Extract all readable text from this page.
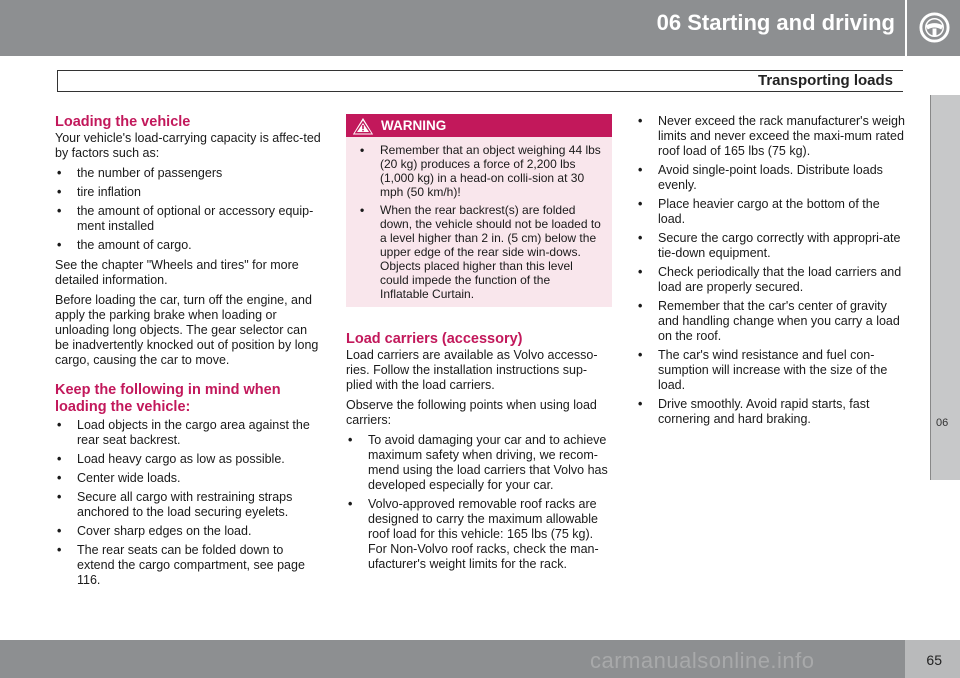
06 Starting and driving
Transporting loads
06
Loading the vehicle

Your vehicle's load-carrying capacity is affec-ted by factors such as:

• the number of passengers
• tire inflation
• the amount of optional or accessory equip-ment installed
• the amount of cargo.

See the chapter "Wheels and tires" for more detailed information.

Before loading the car, turn off the engine, and apply the parking brake when loading or unloading long objects. The gear selector can be inadvertently knocked out of position by long cargo, causing the car to move.

Keep the following in mind when loading the vehicle:
• Load objects in the cargo area against the rear seat backrest.
• Load heavy cargo as low as possible.
• Center wide loads.
• Secure all cargo with restraining straps anchored to the load securing eyelets.
• Cover sharp edges on the load.
• The rear seats can be folded down to extend the cargo compartment, see page 116.
WARNING
• Remember that an object weighing 44 lbs (20 kg) produces a force of 2,200 lbs (1,000 kg) in a head-on colli-sion at 30 mph (50 km/h)!
• When the rear backrest(s) are folded down, the vehicle should not be loaded to a level higher than 2 in. (5 cm) below the upper edge of the rear side win-dows. Objects placed higher than this level could impede the function of the Inflatable Curtain.
Load carriers (accessory)

Load carriers are available as Volvo accesso-ries. Follow the installation instructions sup-plied with the load carriers.

Observe the following points when using load carriers:

• To avoid damaging your car and to achieve maximum safety when driving, we recom-mend using the load carriers that Volvo has developed especially for your car.
• Volvo-approved removable roof racks are designed to carry the maximum allowable roof load for this vehicle: 165 lbs (75 kg). For Non-Volvo roof racks, check the man-ufacturer's weight limits for the rack.
• Never exceed the rack manufacturer's weigh limits and never exceed the maxi-mum rated roof load of 165 lbs (75 kg).
• Avoid single-point loads. Distribute loads evenly.
• Place heavier cargo at the bottom of the load.
• Secure the cargo correctly with appropri-ate tie-down equipment.
• Check periodically that the load carriers and load are properly secured.
• Remember that the car's center of gravity and handling change when you carry a load on the roof.
• The car's wind resistance and fuel con-sumption will increase with the size of the load.
• Drive smoothly. Avoid rapid starts, fast cornering and hard braking.
carmanualsonline.info	65
